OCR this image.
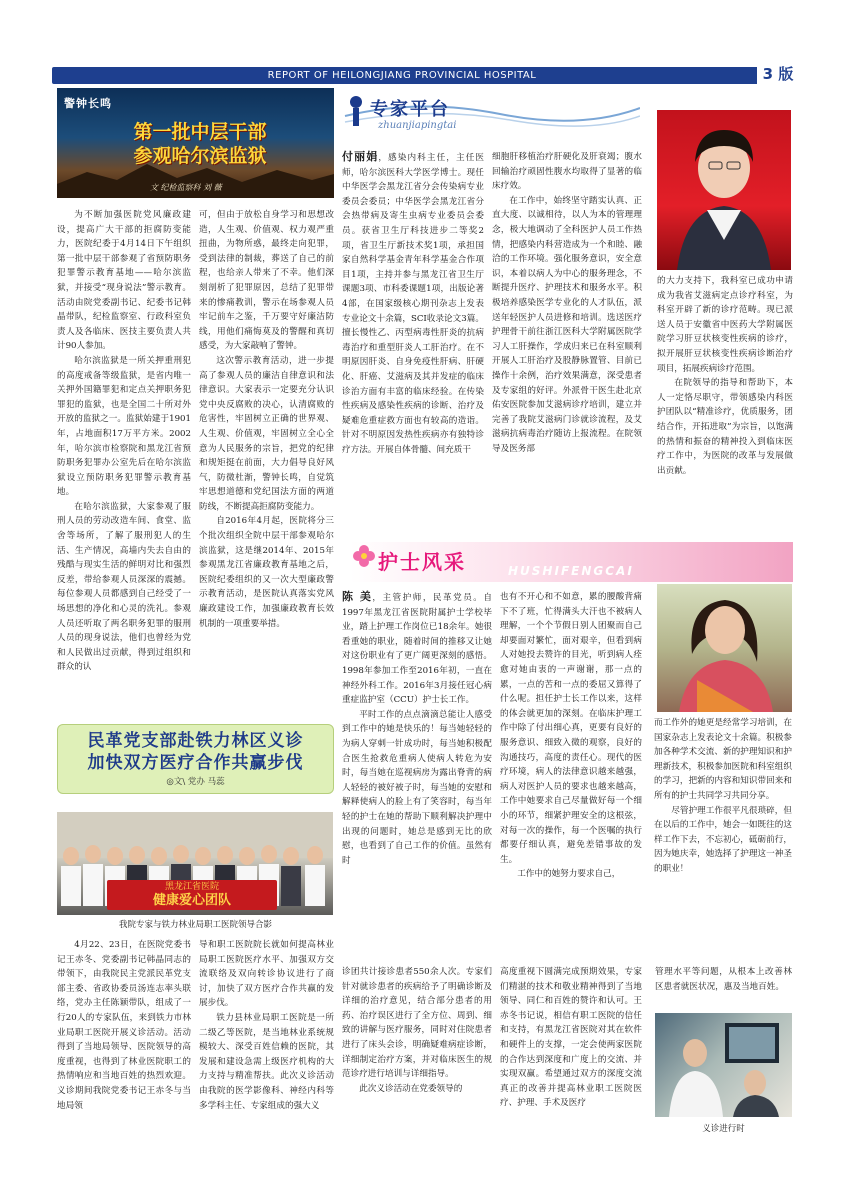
REPORT OF HEILONGJIANG PROVINCIAL HOSPITAL	3 版
警钟长鸣
第一批中层干部
参观哈尔滨监狱
文 纪检监察科 刘 薇

为不断加强医院党风廉政建设，提高广大干部的拒腐防变能力，医院纪委于4月14日下午组织第一批中层干部参观了省预防职务犯罪警示教育基地——哈尔滨监狱，并接受“现身说法”警示教育。活动由院党委副书记、纪委书记韩晶带队，纪检监察室、行政科室负责人及各临床、医技主要负责人共计90人参加。

哈尔滨监狱是一所关押重刑犯的高度戒备等级监狱，是省内唯一关押外国籍罪犯和定点关押职务犯罪犯的监狱，也是全国二十所对外开放的监狱之一。监狱始建于1901年，占地面积17万平方米。2002年，哈尔滨市检察院和黑龙江省预防职务犯罪办公室先后在哈尔滨监狱设立预防职务犯罪警示教育基地。

在哈尔滨监狱，大家参观了服刑人员的劳动改造车间、食堂、监舍等场所，了解了服刑犯人的生活、生产情况，高墙内失去自由的残酷与现实生活的鲜明对比和强烈反差，带给参观人员深深的震撼。每位参观人员都感到自己经受了一场思想的净化和心灵的洗礼。参观人员还听取了两名职务犯罪的服刑人员的现身说法，他们也曾经为党和人民做出过贡献，得到过组织和群众的认

可，但由于放松自身学习和思想改造，人生观、价值观、权力观严重扭曲，为物所惑，最终走向犯罪，受到法律的制裁，葬送了自己的前程，也给亲人带来了不幸。他们深刻剖析了犯罪原因，总结了犯罪带来的惨痛教训，警示在场参观人员牢记前车之鉴，千万要守好廉洁防线，用他们痛悔莫及的警醒和真切感受，为大家敲响了警钟。

这次警示教育活动，进一步提高了参观人员的廉洁自律意识和法律意识。大家表示一定要充分认识党中央反腐败的决心，认清腐败的危害性，牢固树立正确的世界观、人生观、价值观，牢固树立全心全意为人民服务的宗旨，把党的纪律和规矩挺在前面，大力倡导良好风气，防微杜渐，警钟长鸣，自觉筑牢思想道德和党纪国法方面的两道防线，不断提高拒腐防变能力。

自2016年4月起，医院将分三个批次组织全院中层干部参观哈尔滨监狱，这是继2014年、2015年参观黑龙江省廉政教育基地之后，医院纪委组织的又一次大型廉政警示教育活动，是医院认真落实党风廉政建设工作，加强廉政教育长效机制的一项重要举措。

专家平台
zhuanjiapingtai
付丽娟，感染内科主任，主任医师，哈尔滨医科大学医学博士。现任中华医学会黑龙江省分会传染病专业委员会委员；中华医学会黑龙江省分会热带病及寄生虫病专业委员会委员。获省卫生厅科技进步二等奖2项，省卫生厅新技术奖1项，承担国家自然科学基金青年科学基金合作项目1项，主持并参与黑龙江省卫生厅课题3项、市科委课题1项，出版论著4部，在国家级核心期刊杂志上发表专业论文十余篇，SCI收录论文3篇。擅长慢性乙、丙型病毒性肝炎的抗病毒治疗和重型肝炎人工肝治疗。在不明原因肝炎、自身免疫性肝病、肝硬化、肝癌、艾滋病及其并发症的临床诊治方面有丰富的临床经验。在传染性疾病及感染性疾病的诊断、治疗及疑难危重症救方面也有较高的造诣。针对不明原因发热性疾病亦有独特诊疗方法。开展自体骨髓、间充质干
细胞肝移植治疗肝硬化及肝衰竭；腹水回输治疗顽固性腹水均取得了显著的临床疗效。

在工作中，始终坚守踏实认真、正直大度、以诚相待，以人为本的管理理念，极大地调动了全科医护人员工作热情，把感染内科营造成为一个和睦、融洽的工作环境。强化服务意识，安全意识，本着以病人为中心的服务理念，不断提升医疗、护理技术和服务水平。积极培养感染医学专业化的人才队伍，派送年轻医护人员进修和培训。选送医疗护理骨干前往浙江医科大学附属医院学习人工肝操作，学成归来已在科室顺利开展人工肝治疗及股静脉置管、目前已操作十余例，治疗效果满意，深受患者及专家组的好评。外派骨干医生赴北京佑安医院参加艾滋病诊疗培训，建立并完善了我院艾滋病门诊就诊流程，及艾滋病抗病毒治疗随访上报流程。在院领导及医务部

的大力支持下，我科室已成功申请成为我省艾滋病定点诊疗科室，为科室开辟了新的诊疗范畴。现已派送人员于安徽省中医药大学附属医院学习肝豆状核变性疾病的诊疗，拟开展肝豆状核变性疾病诊断治疗项目，拓展疾病诊疗范围。

在院领导的指导和帮助下，本人一定恪尽职守，带领感染内科医护团队以“精准诊疗，优质服务，团结合作，开拓进取”为宗旨，以饱满的热情和振奋的精神投入到临床医疗工作中，为医院的改革与发展做出贡献。

护士风采	HUSHIFENGCAI
陈 美，主管护师，民革党员。自1997年黑龙江省医院附属护士学校毕业，踏上护理工作岗位已18余年。她很看重她的职业，随着时间的推移又让她对这份职业有了更广阔更深刻的感悟。1998年参加工作至2016年初，一直在神经外科工作。2016年3月接任冠心病重症监护室（CCU）护士长工作。

平时工作的点点滴滴总能让人感受到工作中的她是快乐的！每当她轻轻的为病人穿刺一针成功时，每当她积极配合医生抢救危重病人使病人转危为安时，每当她在巡视病房为露出脊背的病人轻轻的被好被子时，每当她的安慰和解释使病人的脸上有了笑容时，每当年轻的护士在她的帮助下顺利解决护理中出现的问题时，她总是感到无比的欣慰，也看到了自己工作的价值。虽然有时

也有不开心和不如意，累的腰酸背痛下不了班，忙得满头大汗也不被病人理解，一个个节假日别人团聚而自己却要面对繁忙，面对艰辛，但看到病人对她投去赞许的目光，听到病人痊愈对她由衷的一声谢谢，那一点的累，一点的苦和一点的委屈又算得了什么呢。担任护士长工作以来，这样的体会就更加的深刻。在临床护理工作中除了付出细心真，更要有良好的服务意识、细致入微的观察，良好的沟通技巧，高度的责任心。现代的医疗环境，病人的法律意识越来越强，病人对医护人员的要求也越来越高，工作中她要求自己尽量做好每一个细小的环节，细紧护理安全的这根弦，对每一次的操作，每一个医嘱的执行都要仔细认真，避免差错事故的发生。

工作中的她努力要求自己，

而工作外的她更是经常学习培训，在国家杂志上发表论文十余篇。积极参加各种学术交流、新的护理知识和护理新技术，积极参加医院和科室组织的学习，把新的内容和知识带回来和所有的护士共同学习共同分享。

尽管护理工作很平凡很琐碎，但在以后的工作中，她会一如既往的这样工作下去，不忘初心，砥砺前行，因为她庆幸，她选择了护理这一神圣的职业！

民革党支部赴铁力林区义诊
加快双方医疗合作共赢步伐
◎文\ 党办 马蕊
黑龙江省医院
健康爱心团队
我院专家与铁力林业局职工医院领导合影

4月22、23日，在医院党委书记王赤冬、党委副书记韩晶同志的带领下，由我院民主党派民革党支部主委、省政协委员汤连志率头联络，党办主任陈颖带队，组成了一行20人的专家队伍，来到铁力市林业局职工医院开展义诊活动。活动得到了当地局领导、医院领导的高度重视，也得到了林业医院职工的热情响应和当地百姓的热烈欢迎。义诊期间我院党委书记王赤冬与当地局领

导和职工医院院长就如何提高林业局职工医院医疗水平、加强双方交流联络及双向转诊协议进行了商讨，加快了双方医疗合作共赢的发展步伐。

铁力县林业局职工医院是一所二级乙等医院，是当地林业系统规模较大、深受百姓信赖的医院，其发展和建设急需上级医疗机构的大力支持与精准帮扶。此次义诊活动由我院的医学影像科、神经内科等多学科主任、专家组成的强大义

诊团共计接诊患者550余人次。专家们针对就诊患者的疾病给予了明确诊断及详细的治疗意见，结合部分患者的用药、治疗误区进行了全方位、周到、细致的讲解与医疗服务，同时对住院患者进行了床头会诊，明确疑难病症诊断，详细制定治疗方案，并对临床医生的规范诊疗进行培训与详细指导。

此次义诊活动在党委领导的

高度重视下圆满完成预期效果，专家们精湛的技术和敬业精神得到了当地领导、同仁和百姓的赞许和认可。王赤冬书记说，相信有职工医院的信任和支持，有黑龙江省医院对其在软件和硬件上的支撑，一定会使两家医院的合作达到深度和广度上的交流、并实现双赢。希望通过双方的深度交流真正的改善并提高林业职工医院医疗、护理、手术及医疗
管理水平等问题，从根本上改善林区患者就医状况，惠及当地百姓。
义诊进行时
